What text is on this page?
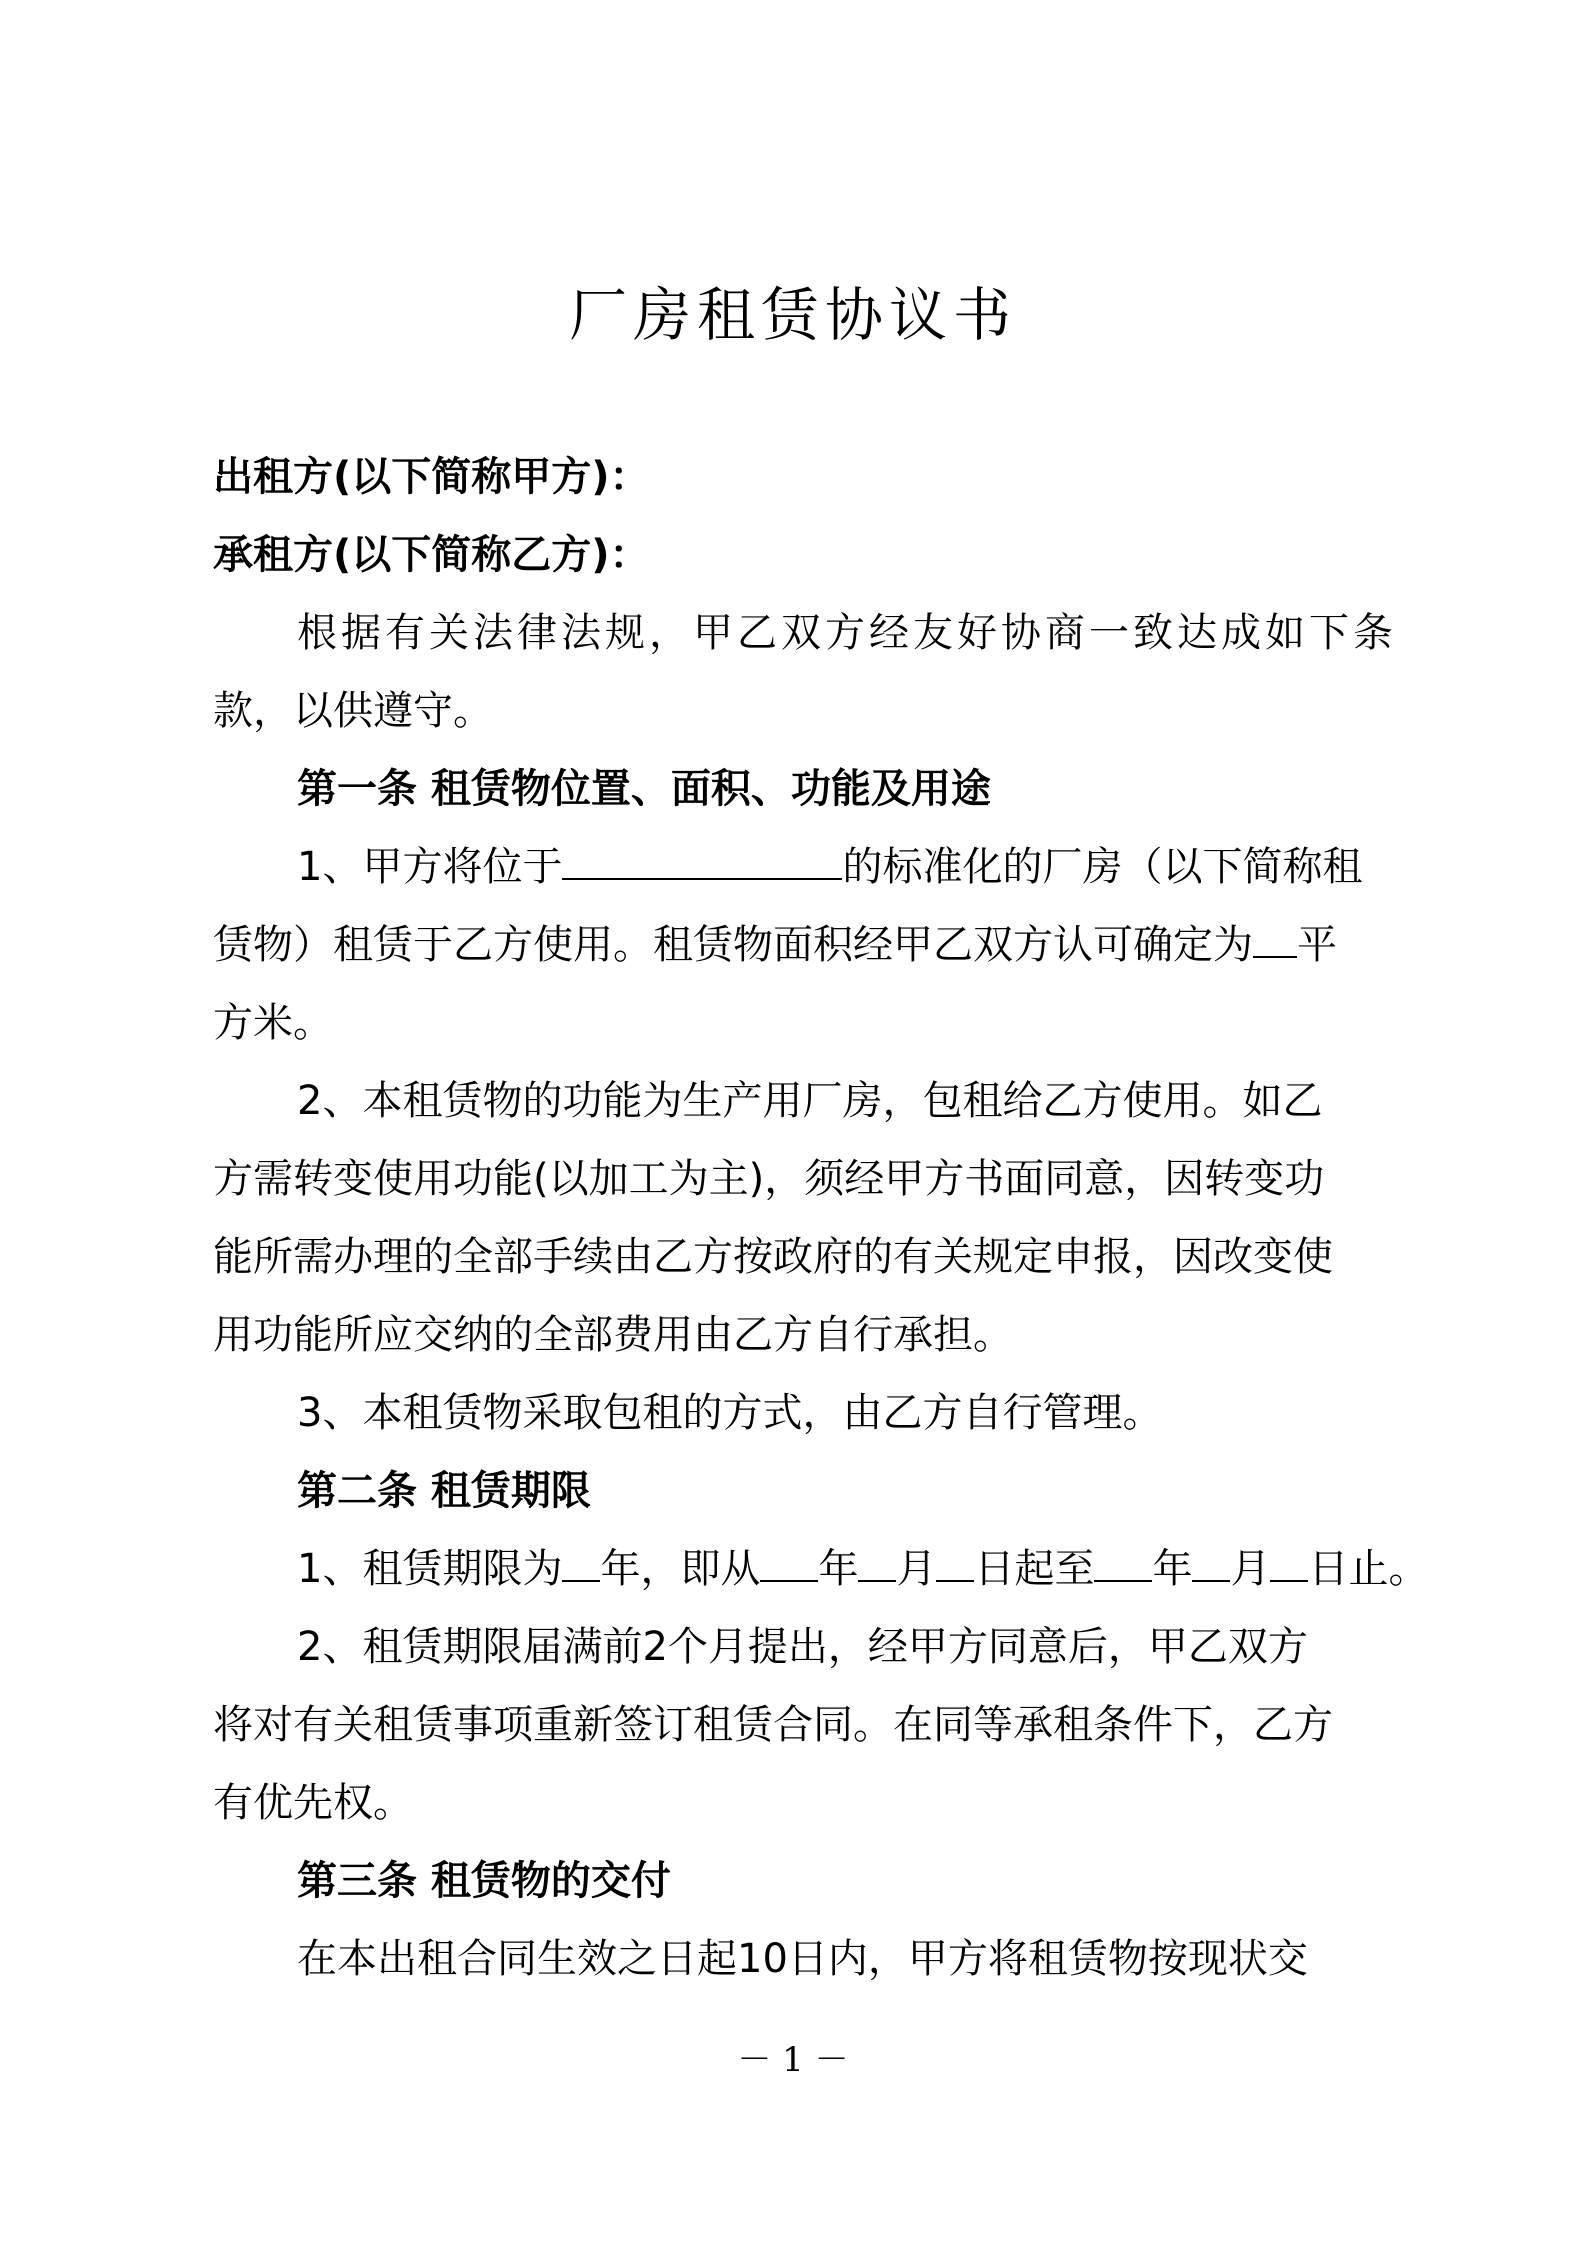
厂房租赁协议书
出租方(以下简称甲方)：
承租方(以下简称乙方)：
根据有关法律法规，甲乙双方经友好协商一致达成如下条
款，以供遵守。
第一条 租赁物位置、面积、功能及用途
1、甲方将位于	的标准化的厂房（以下简称租
赁物）租赁于乙方使用。租赁物面积经甲乙双方认可确定为 平
方米。
2、本租赁物的功能为生产用厂房，包租给乙方使用。如乙
方需转变使用功能(以加工为主)，须经甲方书面同意，因转变功
能所需办理的全部手续由乙方按政府的有关规定申报，因改变使
用功能所应交纳的全部费用由乙方自行承担。
3、本租赁物采取包租的方式，由乙方自行管理。
第二条 租赁期限
1、租赁期限为 年，即从 年 月 日起至 年 月 日止。
2、租赁期限届满前2个月提出，经甲方同意后，甲乙双方
将对有关租赁事项重新签订租赁合同。在同等承租条件下，乙方
有优先权。
第三条 租赁物的交付
在本出租合同生效之日起10日内，甲方将租赁物按现状交
－ 1 －
